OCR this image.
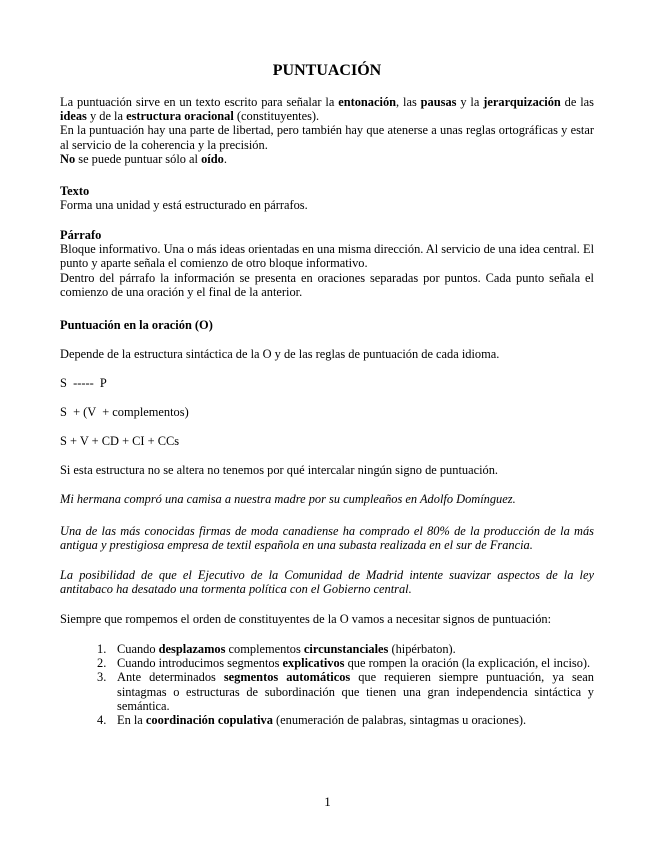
PUNTUACIÓN

La puntuación sirve en un texto escrito para señalar la entonación, las pausas y la jerarquización de las ideas y de la estructura oracional (constituyentes).

En la puntuación hay una parte de libertad, pero también hay que atenerse a unas reglas ortográficas y estar al servicio de la coherencia y la precisión.

No se puede puntuar sólo al oído.

Texto

Forma una unidad y está estructurado en párrafos.

Párrafo

Bloque informativo. Una o más ideas orientadas en una misma dirección. Al servicio de una idea central. El punto y aparte señala el comienzo de otro bloque informativo.

Dentro del párrafo la información se presenta en oraciones separadas por puntos. Cada punto señala el comienzo de una oración y el final de la anterior.

Puntuación en la oración (O)

Depende de la estructura sintáctica de la O y de las reglas de puntuación de cada idioma.

S  -----  P

S  + (V  + complementos)

S + V + CD + CI + CCs

Si esta estructura no se altera no tenemos por qué intercalar ningún signo de puntuación.

Mi hermana compró una camisa a nuestra madre por su cumpleaños en Adolfo Domínguez.

Una de las más conocidas firmas de moda canadiense ha comprado el 80% de la producción de la más antigua y prestigiosa empresa de textil española en una subasta realizada en el sur de Francia.

La posibilidad de que el Ejecutivo de la Comunidad de Madrid intente suavizar aspectos de la ley antitabaco ha desatado una tormenta política con el Gobierno central.

Siempre que rompemos el orden de constituyentes de la O vamos a necesitar signos de puntuación:

1. Cuando desplazamos complementos circunstanciales (hipérbaton).
2. Cuando introducimos segmentos explicativos que rompen la oración (la explicación, el inciso).
3. Ante determinados segmentos automáticos que requieren siempre puntuación, ya sean sintagmas o estructuras de subordinación que tienen una gran independencia sintáctica y semántica.
4. En la coordinación copulativa (enumeración de palabras, sintagmas u oraciones).
1
